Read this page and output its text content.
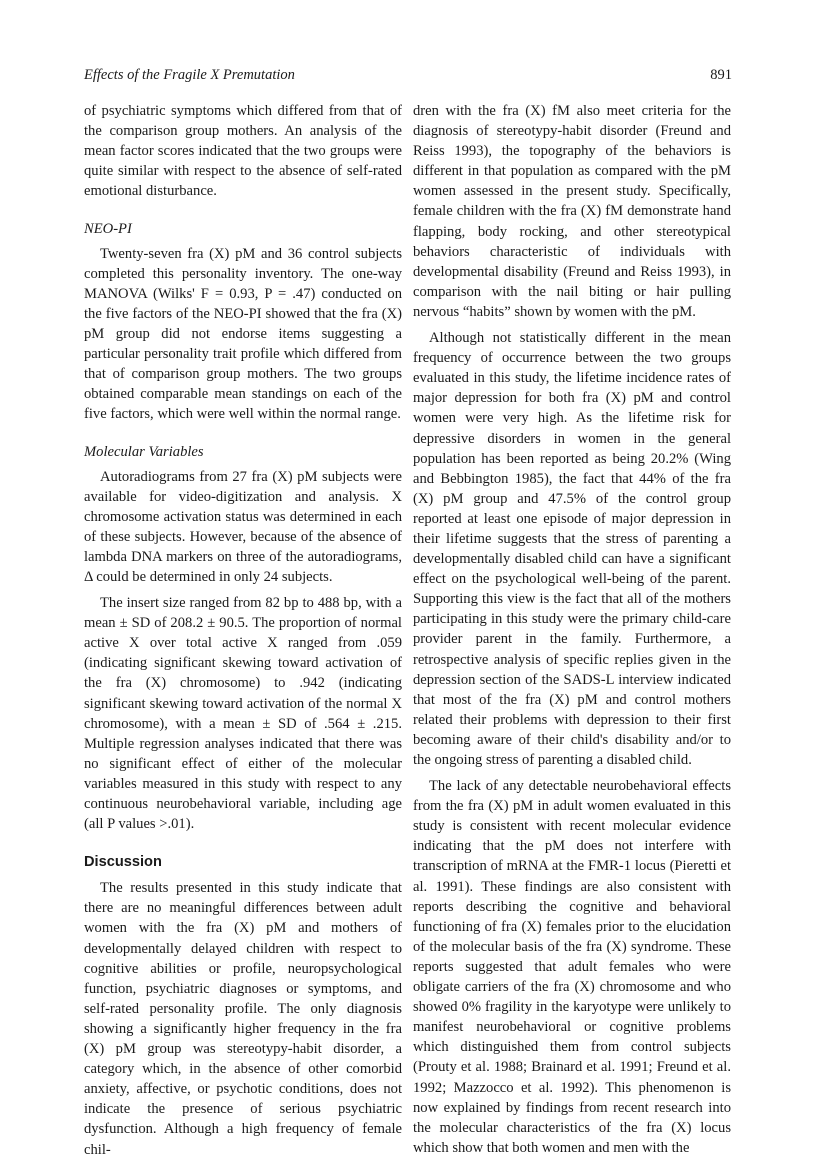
Effects of the Fragile X Premutation	891

of psychiatric symptoms which differed from that of the comparison group mothers. An analysis of the mean factor scores indicated that the two groups were quite similar with respect to the absence of self-rated emotional disturbance.

NEO-PI

Twenty-seven fra (X) pM and 36 control subjects completed this personality inventory. The one-way MANOVA (Wilks' F = 0.93, P = .47) conducted on the five factors of the NEO-PI showed that the fra (X) pM group did not endorse items suggesting a particular personality trait profile which differed from that of comparison group mothers. The two groups obtained comparable mean standings on each of the five factors, which were well within the normal range.

Molecular Variables

Autoradiograms from 27 fra (X) pM subjects were available for video-digitization and analysis. X chromosome activation status was determined in each of these subjects. However, because of the absence of lambda DNA markers on three of the autoradiograms, Δ could be determined in only 24 subjects.

The insert size ranged from 82 bp to 488 bp, with a mean ± SD of 208.2 ± 90.5. The proportion of normal active X over total active X ranged from .059 (indicating significant skewing toward activation of the fra (X) chromosome) to .942 (indicating significant skewing toward activation of the normal X chromosome), with a mean ± SD of .564 ± .215. Multiple regression analyses indicated that there was no significant effect of either of the molecular variables measured in this study with respect to any continuous neurobehavioral variable, including age (all P values >.01).

Discussion

The results presented in this study indicate that there are no meaningful differences between adult women with the fra (X) pM and mothers of developmentally delayed children with respect to cognitive abilities or profile, neuropsychological function, psychiatric diagnoses or symptoms, and self-rated personality profile. The only diagnosis showing a significantly higher frequency in the fra (X) pM group was stereotypy-habit disorder, a category which, in the absence of other comorbid anxiety, affective, or psychotic conditions, does not indicate the presence of serious psychiatric dysfunction. Although a high frequency of female chil-

dren with the fra (X) fM also meet criteria for the diagnosis of stereotypy-habit disorder (Freund and Reiss 1993), the topography of the behaviors is different in that population as compared with the pM women assessed in the present study. Specifically, female children with the fra (X) fM demonstrate hand flapping, body rocking, and other stereotypical behaviors characteristic of individuals with developmental disability (Freund and Reiss 1993), in comparison with the nail biting or hair pulling nervous “habits” shown by women with the pM.

Although not statistically different in the mean frequency of occurrence between the two groups evaluated in this study, the lifetime incidence rates of major depression for both fra (X) pM and control women were very high. As the lifetime risk for depressive disorders in women in the general population has been reported as being 20.2% (Wing and Bebbington 1985), the fact that 44% of the fra (X) pM group and 47.5% of the control group reported at least one episode of major depression in their lifetime suggests that the stress of parenting a developmentally disabled child can have a significant effect on the psychological well-being of the parent. Supporting this view is the fact that all of the mothers participating in this study were the primary child-care provider parent in the family. Furthermore, a retrospective analysis of specific replies given in the depression section of the SADS-L interview indicated that most of the fra (X) pM and control mothers related their problems with depression to their first becoming aware of their child's disability and/or to the ongoing stress of parenting a disabled child.

The lack of any detectable neurobehavioral effects from the fra (X) pM in adult women evaluated in this study is consistent with recent molecular evidence indicating that the pM does not interfere with transcription of mRNA at the FMR-1 locus (Pieretti et al. 1991). These findings are also consistent with reports describing the cognitive and behavioral functioning of fra (X) females prior to the elucidation of the molecular basis of the fra (X) syndrome. These reports suggested that adult females who were obligate carriers of the fra (X) chromosome and who showed 0% fragility in the karyotype were unlikely to manifest neurobehavioral or cognitive problems which distinguished them from control subjects (Prouty et al. 1988; Brainard et al. 1991; Freund et al. 1992; Mazzocco et al. 1992). This phenomenon is now explained by findings from recent research into the molecular characteristics of the fra (X) locus which show that both women and men with the
